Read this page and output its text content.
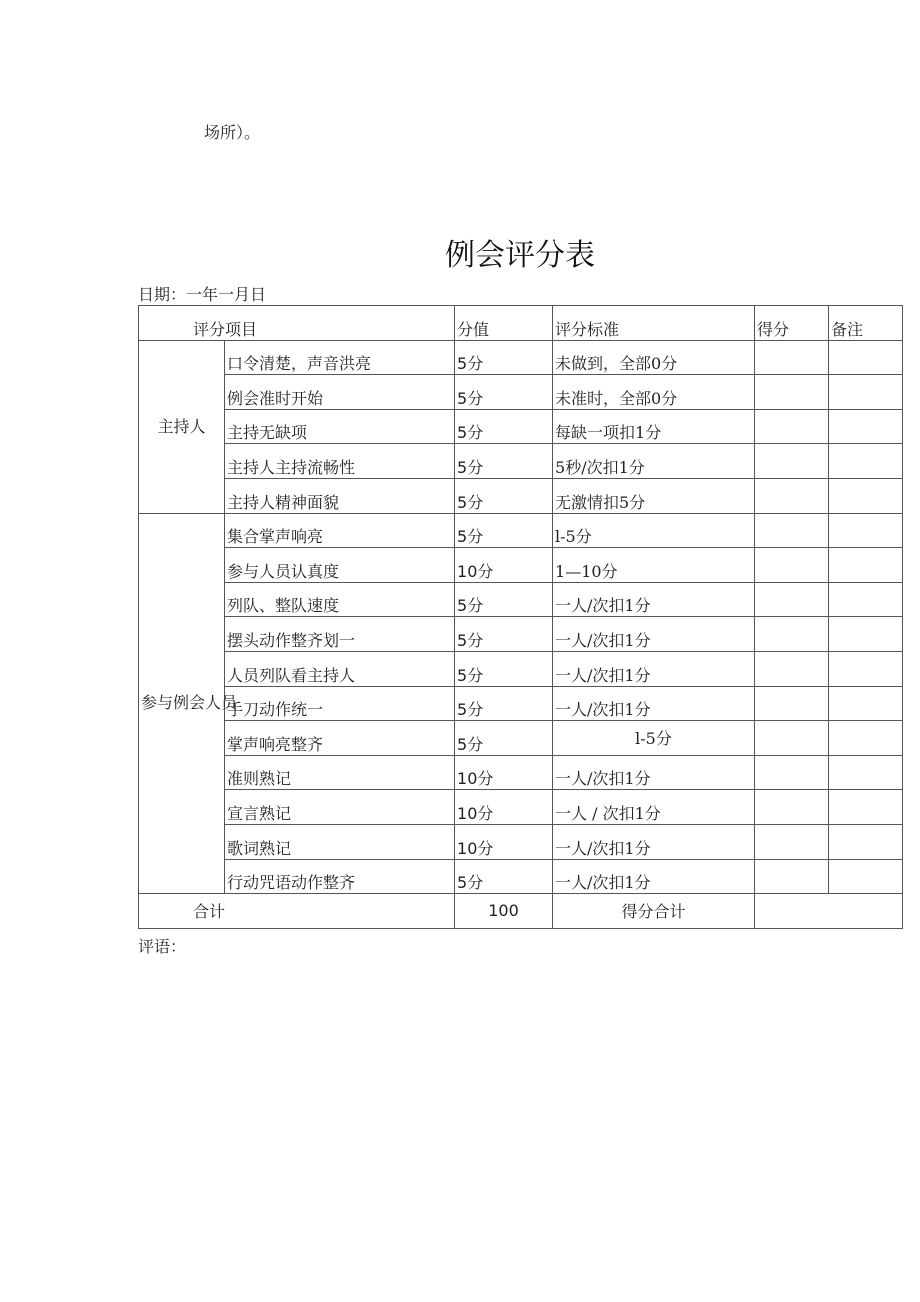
场所）。
例会评分表
日期：一年一月日
评分项目		分值	评分标准	得分	备注
主持人	口令清楚，声音洪亮	5分	未做到，全部0分		
	例会准时开始	5分	未准时，全部0分		
	主持无缺项	5分	每缺一项扣1分		
	主持人主持流畅性	5分	5秒/次扣1分		
	主持人精神面貌	5分	无激情扣5分		
参与例会人员	集合掌声响亮	5分	l-5分		
	参与人员认真度	10分	1—10分		
	列队、整队速度	5分	一人/次扣1分		
	摆头动作整齐划一	5分	一人/次扣1分		
	人员列队看主持人	5分	一人/次扣1分		
	手刀动作统一	5分	一人/次扣1分		
	掌声响亮整齐	5分	l-5分		
	准则熟记	10分	一人/次扣1分		
	宣言熟记	10分	一人 / 次扣1分		
	歌词熟记	10分	一人/次扣1分		
	行动咒语动作整齐	5分	一人/次扣1分		
合计		100	得分合计		
评语：
